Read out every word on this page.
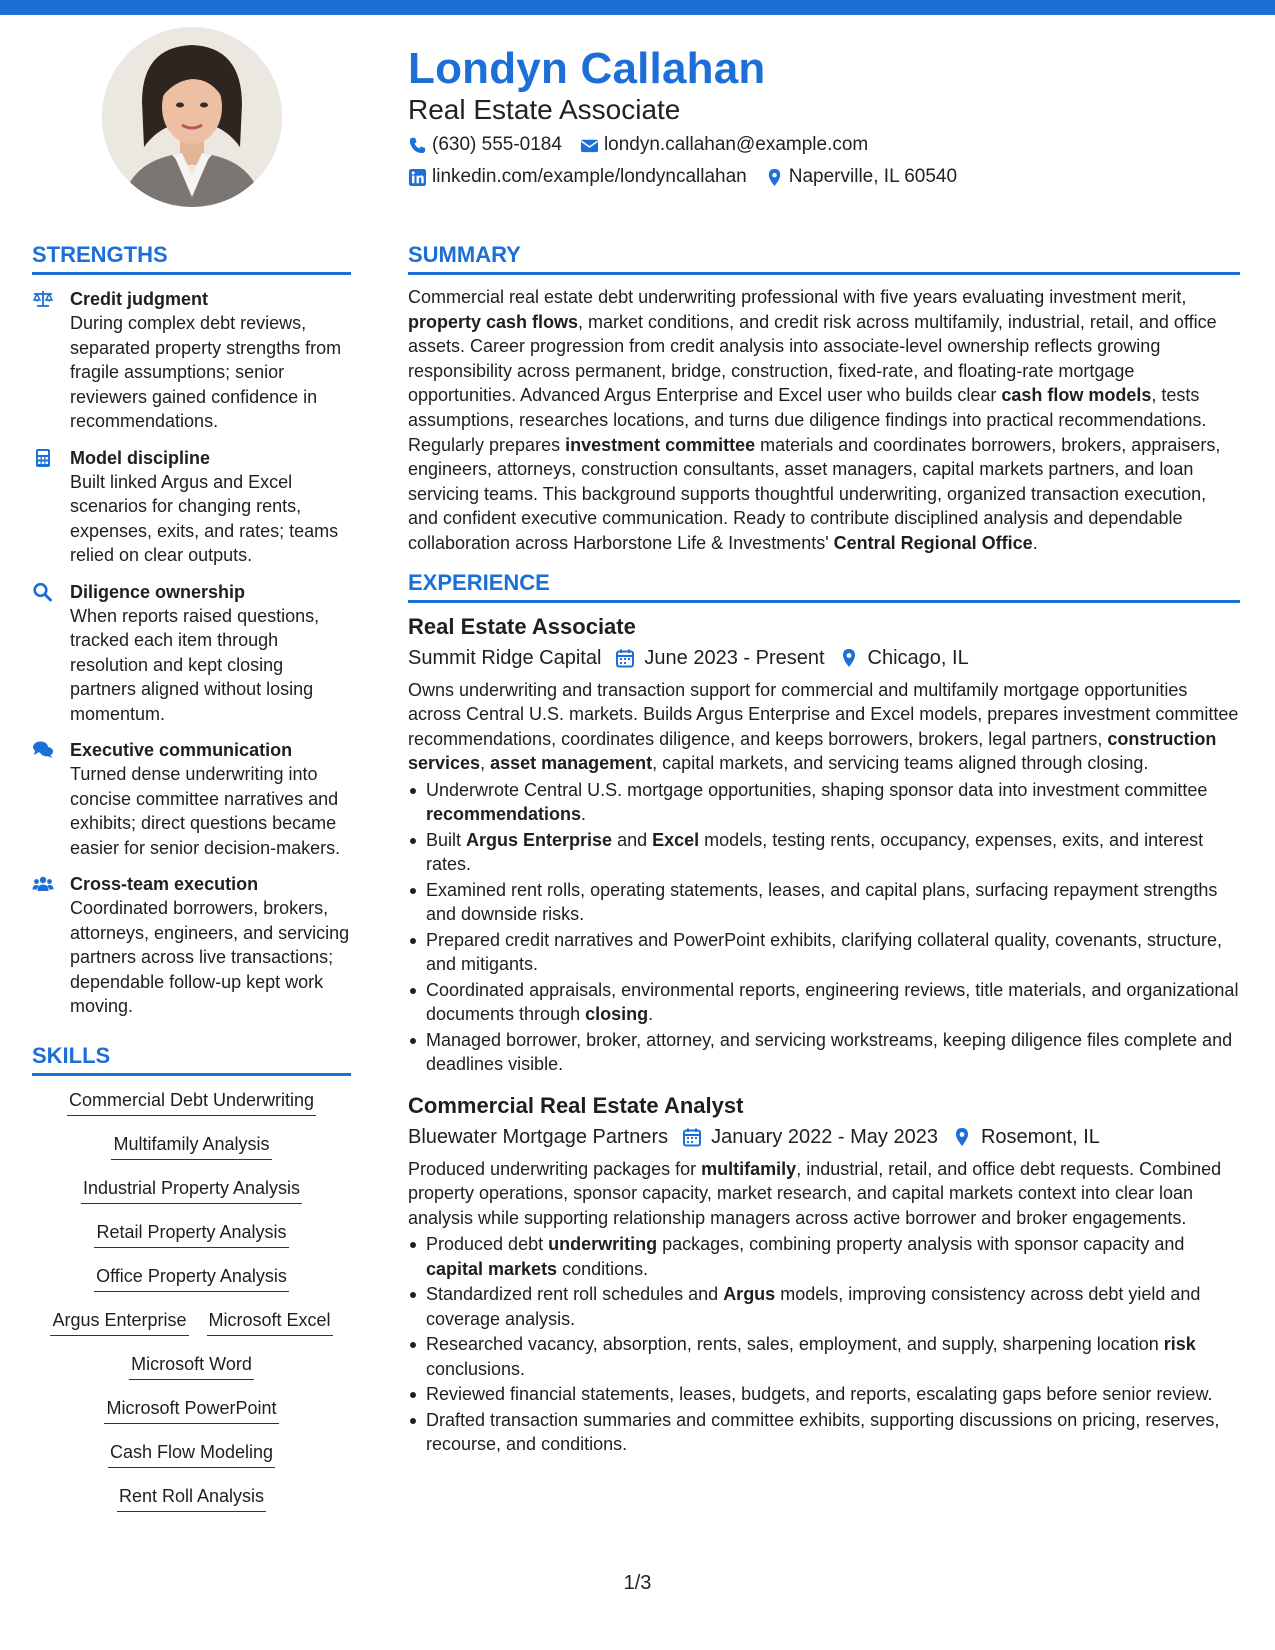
Londyn Callahan
Real Estate Associate
(630) 555-0184 londyn.callahan@example.com
linkedin.com/example/londyncallahan Naperville, IL 60540
STRENGTHS
Credit judgment
During complex debt reviews, separated property strengths from fragile assumptions; senior reviewers gained confidence in recommendations.
Model discipline
Built linked Argus and Excel scenarios for changing rents, expenses, exits, and rates; teams relied on clear outputs.
Diligence ownership
When reports raised questions, tracked each item through resolution and kept closing partners aligned without losing momentum.
Executive communication
Turned dense underwriting into concise committee narratives and exhibits; direct questions became easier for senior decision-makers.
Cross-team execution
Coordinated borrowers, brokers, attorneys, engineers, and servicing partners across live transactions; dependable follow-up kept work moving.
SKILLS
Commercial Debt Underwriting
Multifamily Analysis
Industrial Property Analysis
Retail Property Analysis
Office Property Analysis
Argus Enterprise Microsoft Excel
Microsoft Word
Microsoft PowerPoint
Cash Flow Modeling
Rent Roll Analysis
SUMMARY
Commercial real estate debt underwriting professional with five years evaluating investment merit, property cash flows, market conditions, and credit risk across multifamily, industrial, retail, and office assets. Career progression from credit analysis into associate-level ownership reflects growing responsibility across permanent, bridge, construction, fixed-rate, and floating-rate mortgage opportunities. Advanced Argus Enterprise and Excel user who builds clear cash flow models, tests assumptions, researches locations, and turns due diligence findings into practical recommendations. Regularly prepares investment committee materials and coordinates borrowers, brokers, appraisers, engineers, attorneys, construction consultants, asset managers, capital markets partners, and loan servicing teams. This background supports thoughtful underwriting, organized transaction execution, and confident executive communication. Ready to contribute disciplined analysis and dependable collaboration across Harborstone Life & Investments' Central Regional Office.
EXPERIENCE
Real Estate Associate
Summit Ridge Capital June 2023 - Present Chicago, IL
Owns underwriting and transaction support for commercial and multifamily mortgage opportunities across Central U.S. markets. Builds Argus Enterprise and Excel models, prepares investment committee recommendations, coordinates diligence, and keeps borrowers, brokers, legal partners, construction services, asset management, capital markets, and servicing teams aligned through closing.
Underwrote Central U.S. mortgage opportunities, shaping sponsor data into investment committee recommendations.
Built Argus Enterprise and Excel models, testing rents, occupancy, expenses, exits, and interest rates.
Examined rent rolls, operating statements, leases, and capital plans, surfacing repayment strengths and downside risks.
Prepared credit narratives and PowerPoint exhibits, clarifying collateral quality, covenants, structure, and mitigants.
Coordinated appraisals, environmental reports, engineering reviews, title materials, and organizational documents through closing.
Managed borrower, broker, attorney, and servicing workstreams, keeping diligence files complete and deadlines visible.
Commercial Real Estate Analyst
Bluewater Mortgage Partners January 2022 - May 2023 Rosemont, IL
Produced underwriting packages for multifamily, industrial, retail, and office debt requests. Combined property operations, sponsor capacity, market research, and capital markets context into clear loan analysis while supporting relationship managers across active borrower and broker engagements.
Produced debt underwriting packages, combining property analysis with sponsor capacity and capital markets conditions.
Standardized rent roll schedules and Argus models, improving consistency across debt yield and coverage analysis.
Researched vacancy, absorption, rents, sales, employment, and supply, sharpening location risk conclusions.
Reviewed financial statements, leases, budgets, and reports, escalating gaps before senior review.
Drafted transaction summaries and committee exhibits, supporting discussions on pricing, reserves, recourse, and conditions.
1/3
